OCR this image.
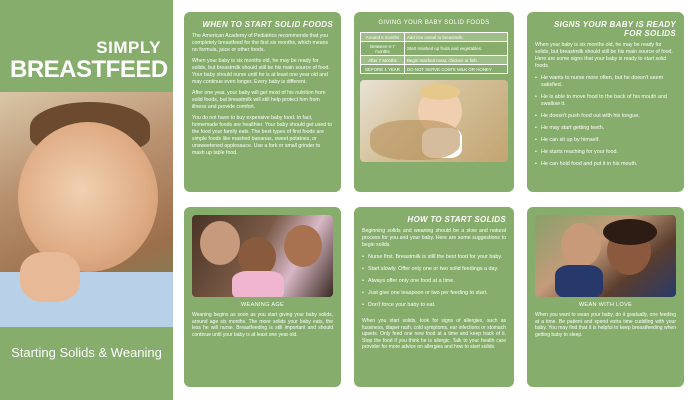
SIMPLY
BREASTFEED
Starting Solids & Weaning
WHEN TO START SOLID FOODS

The American Academy of Pediatrics recommends that you completely breastfeed for the first six months, which means no formula, juice or other foods.

When your baby is six months old, he may be ready for solids, but breastmilk should still be his main source of food. Your baby should nurse until he is at least one year old and may continue even longer. Every baby is different.

After one year, your baby will get most of his nutrition from solid foods, but breastmilk will still help protect him from illness and provide comfort.

You do not have to buy expensive baby food. In fact, homemade foods are healthier. Your baby should get used to the food your family eats. The best types of first foods are simple foods like mashed bananas, sweet potatoes, or unsweetened applesauce. Use a fork or small grinder to mash up table food.

GIVING YOUR BABY SOLID FOODS
Around 6 months	Add rice cereal to breastmilk.
Between 6-7 months	Start mashed up fruits and vegetables.
After 7 Months	Begin mashed meat, chicken or fish.
BEFORE 1 YEAR	DO NOT SERVE COW'S MILK OR HONEY
SIGNS YOUR BABY IS READY FOR SOLIDS
When your baby is six months old, he may be ready for solids, but breastmilk should still be his main source of food. Here are some signs that your baby is ready to start solid foods.
• He wants to nurse more often, but he doesn't seem satisfied.
• He is able to move food to the back of his mouth and swallow it.
• He doesn't push food out with his tongue.
• He may start getting teeth.
• He can sit up by himself.
• He starts reaching for your food.
• He can hold food and put it in his mouth.
WEANING AGE
Weaning begins as soon as you start giving your baby solids, around age six months. The more solids your baby eats, the less he will nurse. Breastfeeding is still important and should continue until your baby is at least one year old.
HOW TO START SOLIDS
Beginning solids and weaning should be a slow and natural process for you and your baby. Here are some suggestions to begin solids.
• Nurse first. Breastmilk is still the best food for your baby.
• Start slowly. Offer only one or two solid feedings a day.
• Always offer only one food at a time.
• Just give one teaspoon or two per feeding to start.
• Don't force your baby to eat.
When you start solids, look for signs of allergies, such as fussiness, diaper rash, cold symptoms, ear infections or stomach upsets. Only feed one new food at a time and keep track of it. Stop the food if you think he is allergic. Talk to your health care provider for more advice on allergies and how to start solids.
WEAN WITH LOVE
When you want to wean your baby, do it gradually, one feeding at a time. Be patient and spend extra time cuddling with your baby. You may find that it is helpful to keep breastfeeding when getting baby to sleep.
